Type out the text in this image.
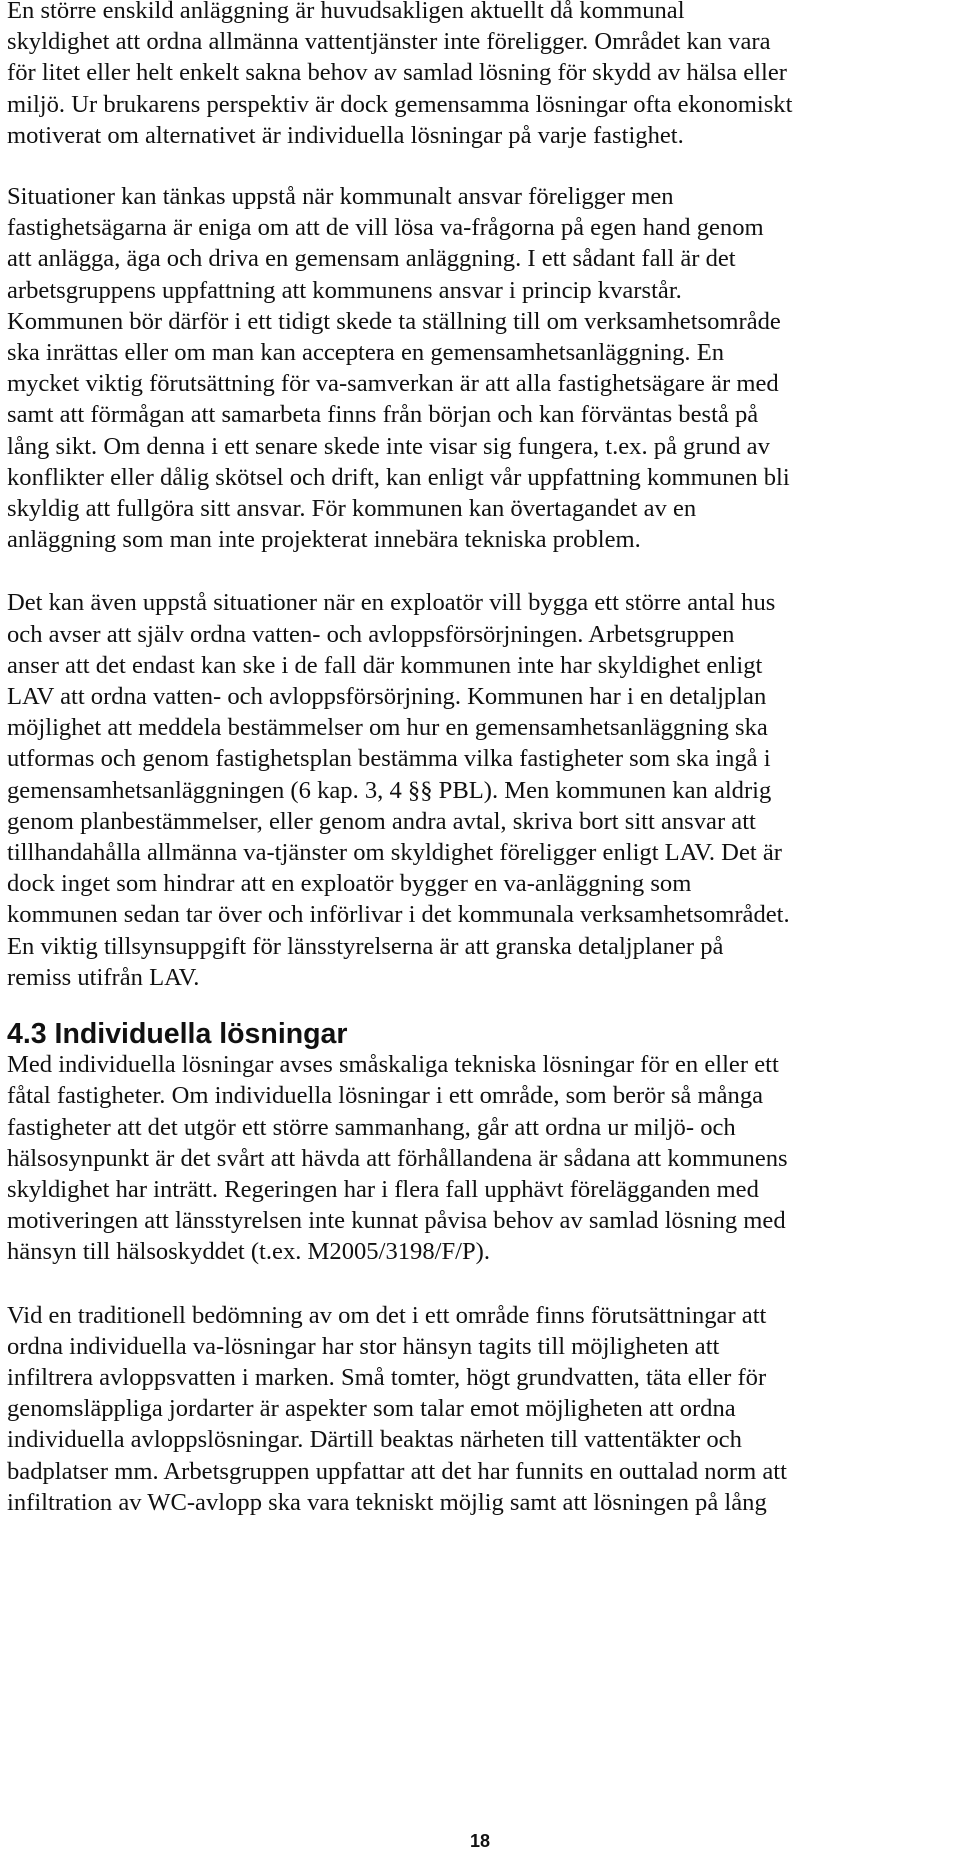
En större enskild anläggning är huvudsakligen aktuellt då kommunal
skyldighet att ordna allmänna vattentjänster inte föreligger. Området kan vara
för litet eller helt enkelt sakna behov av samlad lösning för skydd av hälsa eller
miljö. Ur brukarens perspektiv är dock gemensamma lösningar ofta ekonomiskt
motiverat om alternativet är individuella lösningar på varje fastighet.

Situationer kan tänkas uppstå när kommunalt ansvar föreligger men
fastighetsägarna är eniga om att de vill lösa va-frågorna på egen hand genom
att anlägga, äga och driva en gemensam anläggning. I ett sådant fall är det
arbetsgruppens uppfattning att kommunens ansvar i princip kvarstår.
Kommunen bör därför i ett tidigt skede ta ställning till om verksamhetsområde
ska inrättas eller om man kan acceptera en gemensamhetsanläggning. En
mycket viktig förutsättning för va-samverkan är att alla fastighetsägare är med
samt att förmågan att samarbeta finns från början och kan förväntas bestå på
lång sikt. Om denna i ett senare skede inte visar sig fungera, t.ex. på grund av
konflikter eller dålig skötsel och drift, kan enligt vår uppfattning kommunen bli
skyldig att fullgöra sitt ansvar. För kommunen kan övertagandet av en
anläggning som man inte projekterat innebära tekniska problem.

Det kan även uppstå situationer när en exploatör vill bygga ett större antal hus
och avser att själv ordna vatten- och avloppsförsörjningen. Arbetsgruppen
anser att det endast kan ske i de fall där kommunen inte har skyldighet enligt
LAV att ordna vatten- och avloppsförsörjning. Kommunen har i en detaljplan
möjlighet att meddela bestämmelser om hur en gemensamhetsanläggning ska
utformas och genom fastighetsplan bestämma vilka fastigheter som ska ingå i
gemensamhetsanläggningen (6 kap. 3, 4 §§ PBL). Men kommunen kan aldrig
genom planbestämmelser, eller genom andra avtal, skriva bort sitt ansvar att
tillhandahålla allmänna va-tjänster om skyldighet föreligger enligt LAV. Det är
dock inget som hindrar att en exploatör bygger en va-anläggning som
kommunen sedan tar över och införlivar i det kommunala verksamhetsområdet.
En viktig tillsynsuppgift för länsstyrelserna är att granska detaljplaner på
remiss utifrån LAV.

4.3 Individuella lösningar

Med individuella lösningar avses småskaliga tekniska lösningar för en eller ett
fåtal fastigheter. Om individuella lösningar i ett område, som berör så många
fastigheter att det utgör ett större sammanhang, går att ordna ur miljö- och
hälsosynpunkt är det svårt att hävda att förhållandena är sådana att kommunens
skyldighet har inträtt. Regeringen har i flera fall upphävt förelägganden med
motiveringen att länsstyrelsen inte kunnat påvisa behov av samlad lösning med
hänsyn till hälsoskyddet (t.ex. M2005/3198/F/P).

Vid en traditionell bedömning av om det i ett område finns förutsättningar att
ordna individuella va-lösningar har stor hänsyn tagits till möjligheten att
infiltrera avloppsvatten i marken. Små tomter, högt grundvatten, täta eller för
genomsläppliga jordarter är aspekter som talar emot möjligheten att ordna
individuella avloppslösningar. Därtill beaktas närheten till vattentäkter och
badplatser mm. Arbetsgruppen uppfattar att det har funnits en outtalad norm att
infiltration av WC-avlopp ska vara tekniskt möjlig samt att lösningen på lång

18
